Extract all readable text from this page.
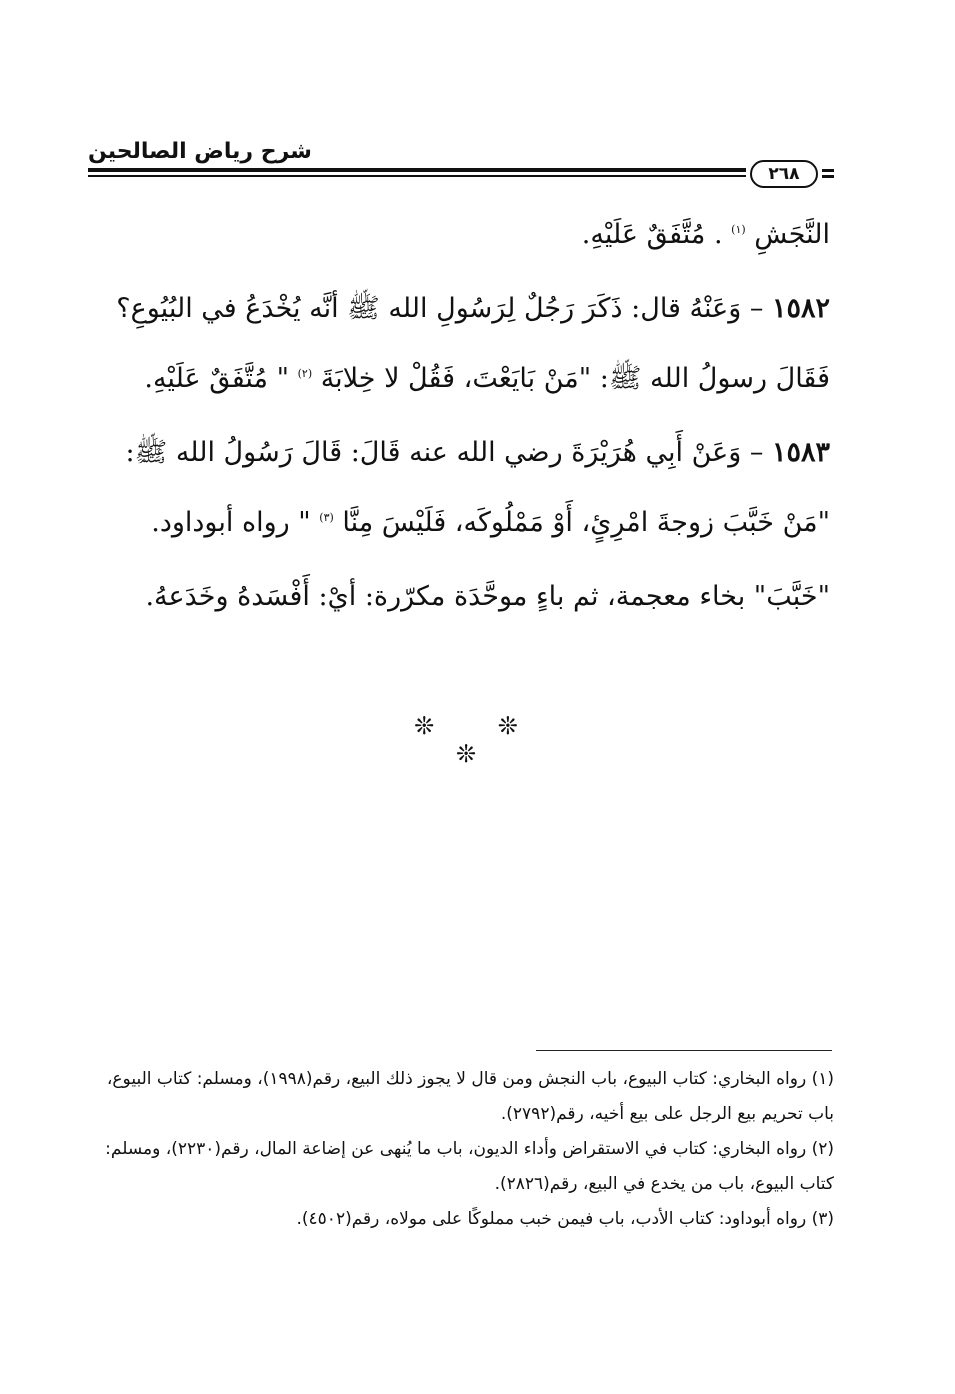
شرح رياض الصالحين
٢٦٨

النَّجَشِ $^{(١)}$ . مُتَّفَقٌ عَلَيْهِ.

١٥٨٢ – وَعَنْهُ قال: ذَكَرَ رَجُلٌ لِرَسُولِ الله ﷺ أنَّه يُخْدَعُ في البُيُوعِ؟ فَقَالَ رسولُ الله ﷺ: "مَنْ بَايَعْتَ، فَقُلْ لا خِلابَةَ $^{(٢)}$ " مُتَّفَقٌ عَلَيْهِ.

١٥٨٣ – وَعَنْ أَبِي هُرَيْرَةَ رضي الله عنه قَالَ: قَالَ رَسُولُ الله ﷺ: "مَنْ خَبَّبَ زوجةَ امْرِئٍ، أَوْ مَمْلُوكَه، فَلَيْسَ مِنَّا $^{(٣)}$ " رواه أبوداود.

"خَبَّبَ" بخاء معجمة، ثم باءٍ موحَّدَة مكرّرة: أيْ: أَفْسَدهُ وخَدَعهُ.

❊ ❊ ❊

(١) رواه البخاري: كتاب البيوع، باب النجش ومن قال لا يجوز ذلك البيع، رقم(١٩٩٨)، ومسلم: كتاب البيوع، باب تحريم بيع الرجل على بيع أخيه، رقم(٢٧٩٢).

(٢) رواه البخاري: كتاب في الاستقراض وأداء الديون، باب ما يُنهى عن إضاعة المال، رقم(٢٢٣٠)، ومسلم: كتاب البيوع، باب من يخدع في البيع، رقم(٢٨٢٦).

(٣) رواه أبوداود: كتاب الأدب، باب فيمن خبب مملوكًا على مولاه، رقم(٤٥٠٢).
